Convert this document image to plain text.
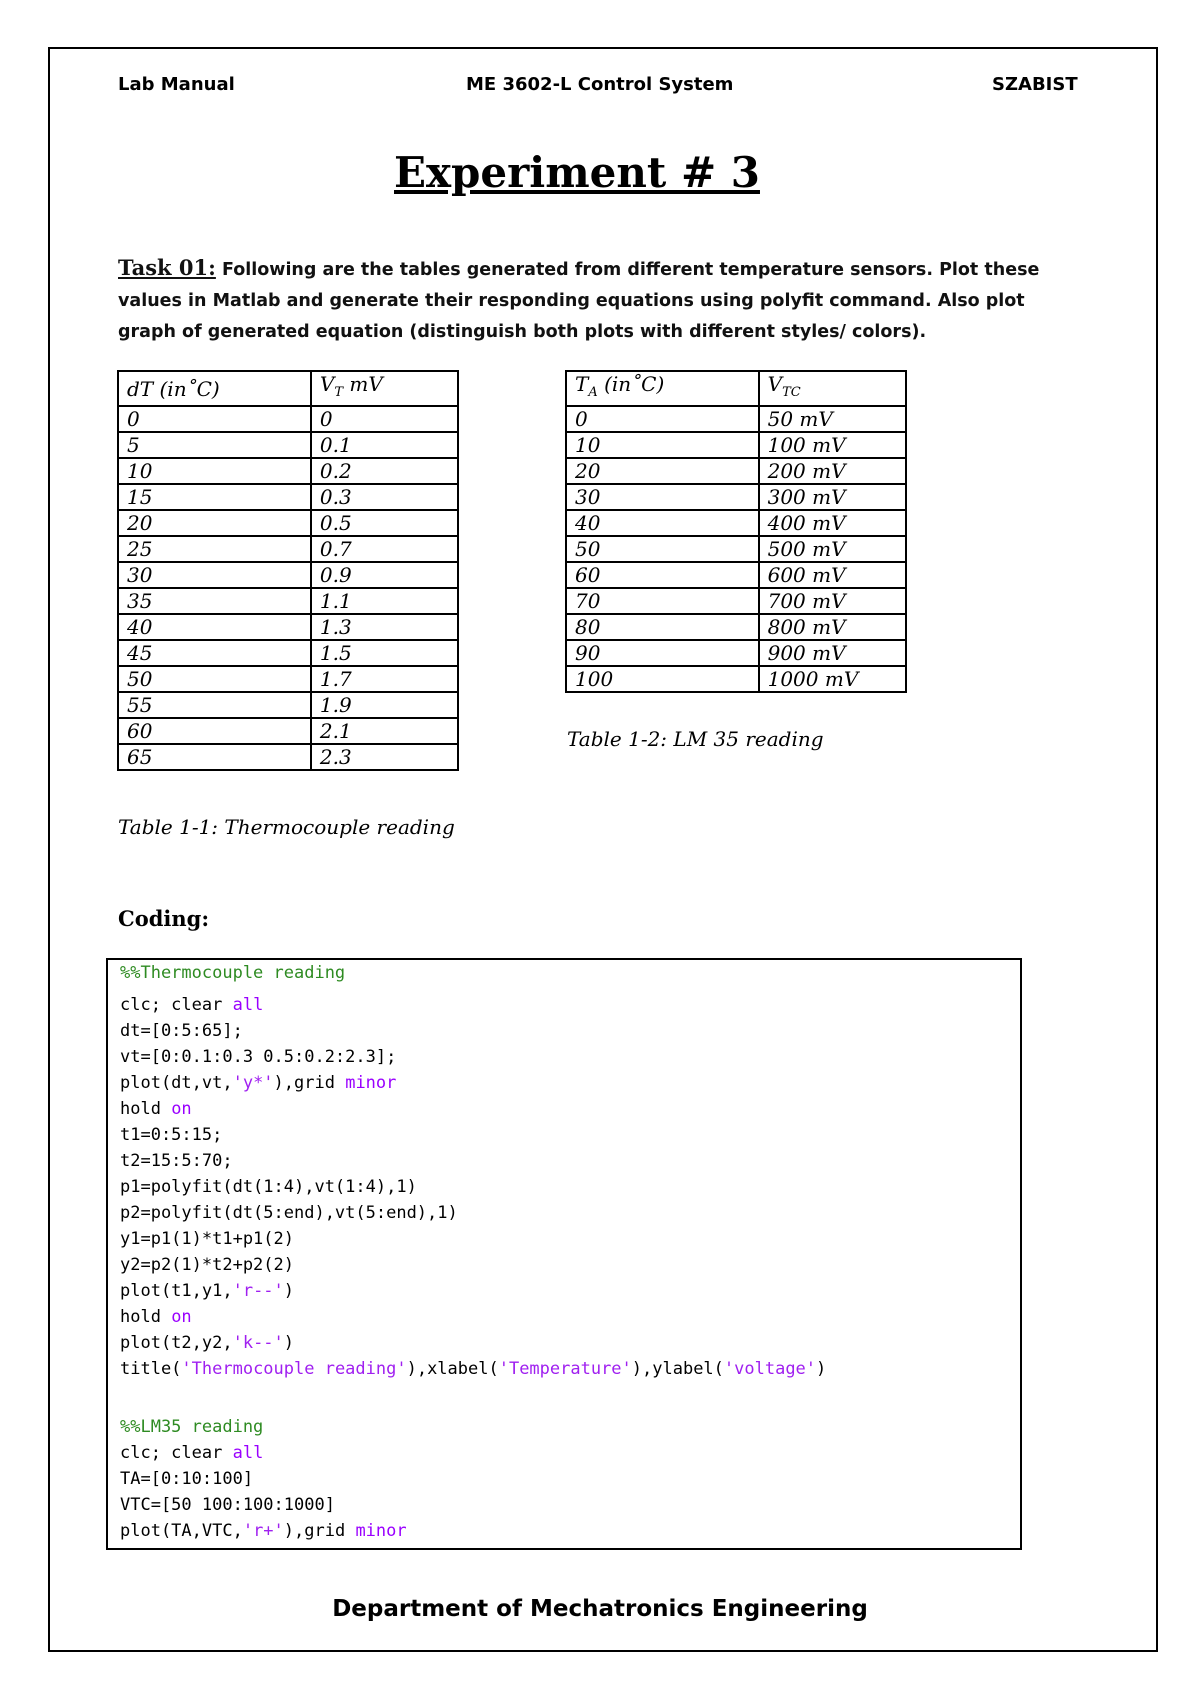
Lab Manual	ME 3602-L Control System	SZABIST
Experiment # 3
Task 01: Following are the tables generated from different temperature sensors. Plot these values in Matlab and generate their responding equations using polyfit command. Also plot graph of generated equation (distinguish both plots with different styles/ colors).
dT (in˚C)	$V_T$ mV
0	0
5	0.1
10	0.2
15	0.3
20	0.5
25	0.7
30	0.9
35	1.1
40	1.3
45	1.5
50	1.7
55	1.9
60	2.1
65	2.3
Table 1-1: Thermocouple reading
$T_A$ (in˚C)	$V_{TC}$
0	50 mV
10	100 mV
20	200 mV
30	300 mV
40	400 mV
50	500 mV
60	600 mV
70	700 mV
80	800 mV
90	900 mV
100	1000 mV
Table 1-2: LM 35 reading
Coding:
%%Thermocouple reading
clc; clear all
dt=[0:5:65];
vt=[0:0.1:0.3 0.5:0.2:2.3];
plot(dt,vt,'y*'),grid minor
hold on
t1=0:5:15;
t2=15:5:70;
p1=polyfit(dt(1:4),vt(1:4),1)
p2=polyfit(dt(5:end),vt(5:end),1)
y1=p1(1)*t1+p1(2)
y2=p2(1)*t2+p2(2)
plot(t1,y1,'r--')
hold on
plot(t2,y2,'k--')
title('Thermocouple reading'),xlabel('Temperature'),ylabel('voltage')
%%LM35 reading
clc; clear all
TA=[0:10:100]
VTC=[50 100:100:1000]
plot(TA,VTC,'r+'),grid minor
Department of Mechatronics Engineering
